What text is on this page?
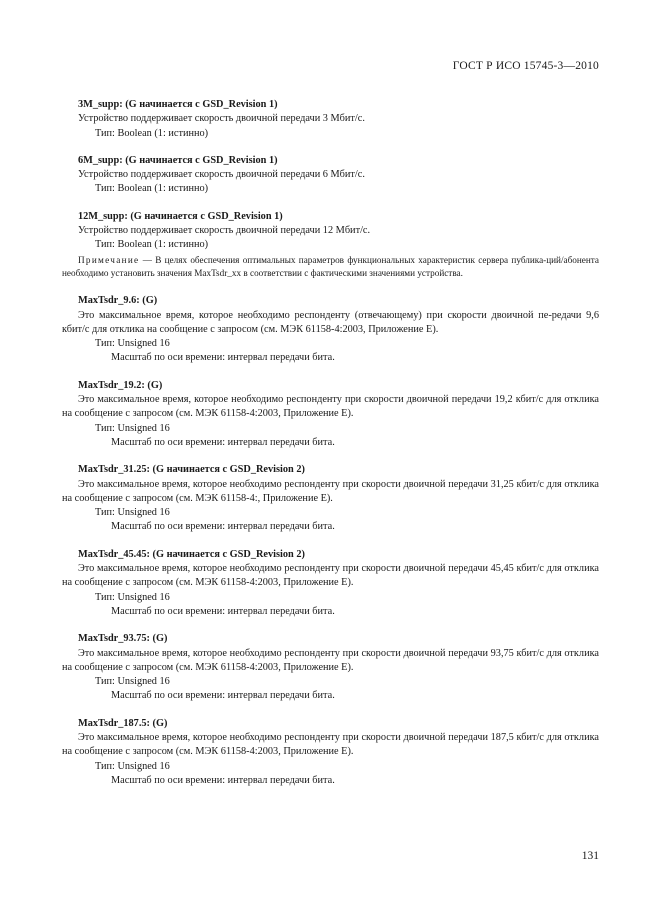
ГОСТ Р ИСО 15745-3—2010
3M_supp: (G начинается с GSD_Revision 1)
Устройство поддерживает скорость двоичной передачи 3 Мбит/с.
Тип: Boolean (1: истинно)
6M_supp: (G начинается с GSD_Revision 1)
Устройство поддерживает скорость двоичной передачи 6 Мбит/с.
Тип: Boolean (1: истинно)
12M_supp: (G начинается с GSD_Revision 1)
Устройство поддерживает скорость двоичной передачи 12 Мбит/с.
Тип: Boolean (1: истинно)
Примечание — В целях обеспечения оптимальных параметров функциональных характеристик сервера публика-ций/абонента необходимо установить значения MaxTsdr_xx в соответствии с фактическими значениями устройства.
MaxTsdr_9.6: (G)
Это максимальное время, которое необходимо респонденту (отвечающему) при скорости двоичной пе-редачи 9,6 кбит/с для отклика на сообщение с запросом (см. МЭК 61158-4:2003, Приложение Е).
Тип: Unsigned 16
Масштаб по оси времени: интервал передачи бита.
MaxTsdr_19.2: (G)
Это максимальное время, которое необходимо респонденту при скорости двоичной передачи 19,2 кбит/с для отклика на сообщение с запросом (см. МЭК 61158-4:2003, Приложение Е).
Тип: Unsigned 16
Масштаб по оси времени: интервал передачи бита.
MaxTsdr_31.25: (G начинается с GSD_Revision 2)
Это максимальное время, которое необходимо респонденту при скорости двоичной передачи 31,25 кбит/с для отклика на сообщение с запросом (см. МЭК 61158-4:, Приложение Е).
Тип: Unsigned 16
Масштаб по оси времени: интервал передачи бита.
MaxTsdr_45.45: (G начинается с GSD_Revision 2)
Это максимальное время, которое необходимо респонденту при скорости двоичной передачи 45,45 кбит/с для отклика на сообщение с запросом (см. МЭК 61158-4:2003, Приложение Е).
Тип: Unsigned 16
Масштаб по оси времени: интервал передачи бита.
MaxTsdr_93.75: (G)
Это максимальное время, которое необходимо респонденту при скорости двоичной передачи 93,75 кбит/с для отклика на сообщение с запросом (см. МЭК 61158-4:2003, Приложение Е).
Тип: Unsigned 16
Масштаб по оси времени: интервал передачи бита.
MaxTsdr_187.5: (G)
Это максимальное время, которое необходимо респонденту при скорости двоичной передачи 187,5 кбит/с для отклика на сообщение с запросом (см. МЭК 61158-4:2003, Приложение Е).
Тип: Unsigned 16
Масштаб по оси времени: интервал передачи бита.
131
